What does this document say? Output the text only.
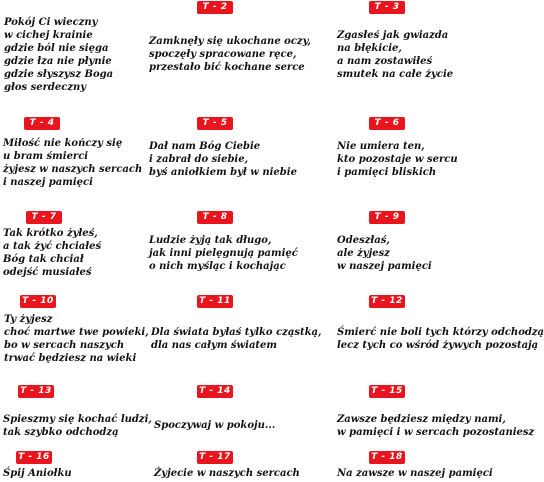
Pokój Ci wieczny
w cichej krainie
gdzie ból nie sięga
gdzie łza nie płynie
gdzie słyszysz Boga
głos serdeczny
T - 2
Zamknęły się ukochane oczy,
spoczęły spracowane ręce,
przestało bić kochane serce
T - 3
Zgasłeś jak gwiazda
na błękicie,
a nam zostawiłeś
smutek na całe życie
T - 4
Miłość nie kończy się
u bram śmierci
żyjesz w naszych sercach
i naszej pamięci
T - 5
Dał nam Bóg Ciebie
i zabrał do siebie,
byś aniołkiem był w niebie
T - 6
Nie umiera ten,
kto pozostaje w sercu
i pamięci bliskich
T - 7
Tak krótko żyłeś,
a tak żyć chciałeś
Bóg tak chciał
odejść musiałeś
T - 8
Ludzie żyją tak długo,
jak inni pielęgnują pamięć
o nich myśląc i kochając
T - 9
Odeszłaś,
ale żyjesz
w naszej pamięci
T - 10
Ty żyjesz
choć martwe twe powieki,
bo w sercach naszych
trwać będziesz na wieki
T - 11
Dla świata byłaś tylko cząstką,
dla nas całym światem
T - 12
Śmierć nie boli tych którzy odchodzą
lecz tych co wśród żywych pozostają
T - 13
Spieszmy się kochać ludzi,
tak szybko odchodzą
T - 14
Spoczywaj w pokoju...
T - 15
Zawsze będziesz między nami,
w pamięci i w sercach pozostaniesz
T - 16
Śpij Aniołku
T - 17
Żyjecie w naszych sercach
T - 18
Na zawsze w naszej pamięci
